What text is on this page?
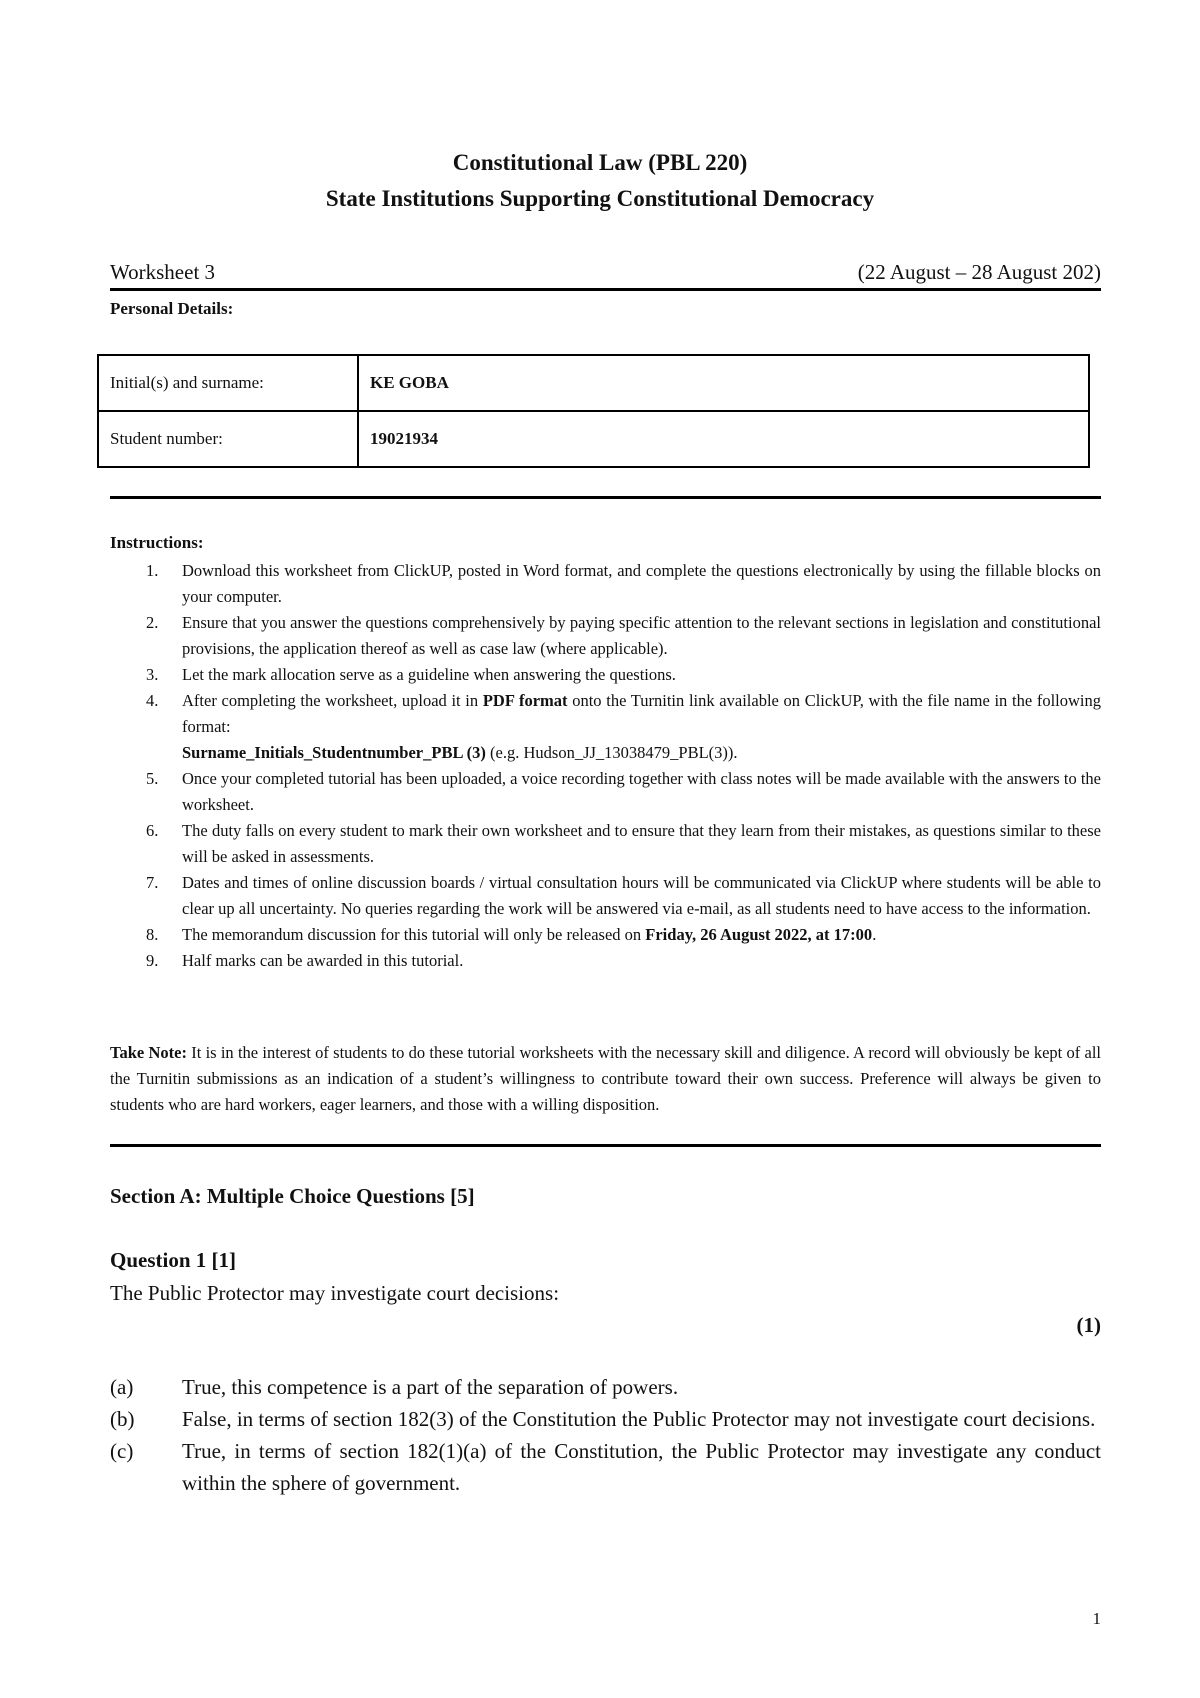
Constitutional Law (PBL 220)
State Institutions Supporting Constitutional Democracy
Worksheet 3	(22 August – 28 August 202)
Personal Details:
Initial(s) and surname:	KE GOBA
Student number:	19021934
Instructions:
1. Download this worksheet from ClickUP, posted in Word format, and complete the questions electronically by using the fillable blocks on your computer.
2. Ensure that you answer the questions comprehensively by paying specific attention to the relevant sections in legislation and constitutional provisions, the application thereof as well as case law (where applicable).
3. Let the mark allocation serve as a guideline when answering the questions.
4. After completing the worksheet, upload it in PDF format onto the Turnitin link available on ClickUP, with the file name in the following format:
Surname_Initials_Studentnumber_PBL (3) (e.g. Hudson_JJ_13038479_PBL(3)).
5. Once your completed tutorial has been uploaded, a voice recording together with class notes will be made available with the answers to the worksheet.
6. The duty falls on every student to mark their own worksheet and to ensure that they learn from their mistakes, as questions similar to these will be asked in assessments.
7. Dates and times of online discussion boards / virtual consultation hours will be communicated via ClickUP where students will be able to clear up all uncertainty. No queries regarding the work will be answered via e-mail, as all students need to have access to the information.
8. The memorandum discussion for this tutorial will only be released on Friday, 26 August 2022, at 17:00.
9. Half marks can be awarded in this tutorial.
Take Note: It is in the interest of students to do these tutorial worksheets with the necessary skill and diligence. A record will obviously be kept of all the Turnitin submissions as an indication of a student’s willingness to contribute toward their own success. Preference will always be given to students who are hard workers, eager learners, and those with a willing disposition.
Section A: Multiple Choice Questions [5]
Question 1 [1]
The Public Protector may investigate court decisions:
(1)
(a) True, this competence is a part of the separation of powers.
(b) False, in terms of section 182(3) of the Constitution the Public Protector may not investigate court decisions.
(c) True, in terms of section 182(1)(a) of the Constitution, the Public Protector may investigate any conduct within the sphere of government.
1
